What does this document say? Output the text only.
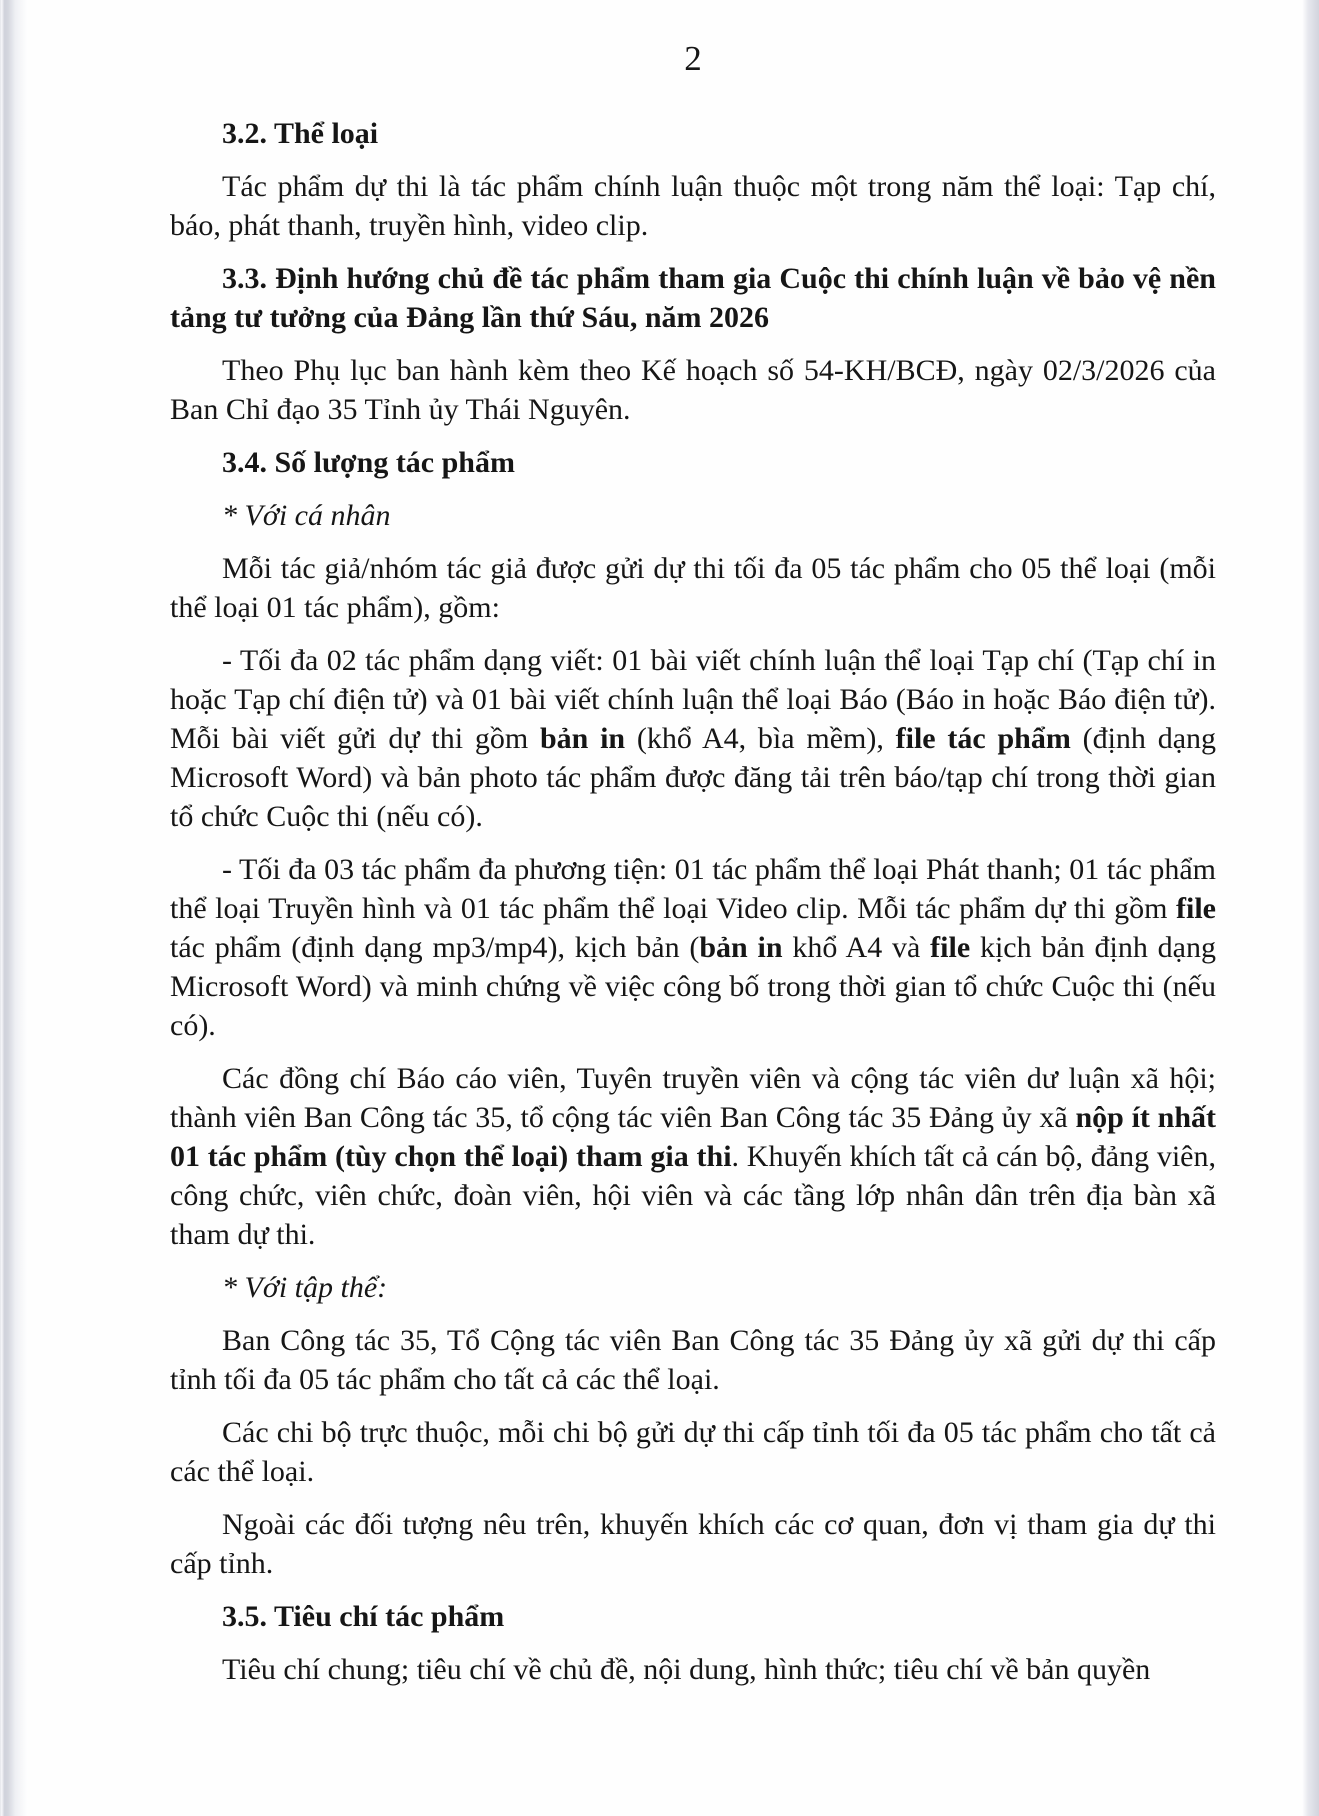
2

3.2. Thể loại

Tác phẩm dự thi là tác phẩm chính luận thuộc một trong năm thể loại: Tạp chí, báo, phát thanh, truyền hình, video clip.

3.3. Định hướng chủ đề tác phẩm tham gia Cuộc thi chính luận về bảo vệ nền tảng tư tưởng của Đảng lần thứ Sáu, năm 2026

Theo Phụ lục ban hành kèm theo Kế hoạch số 54-KH/BCĐ, ngày 02/3/2026 của Ban Chỉ đạo 35 Tỉnh ủy Thái Nguyên.

3.4. Số lượng tác phẩm

* Với cá nhân

Mỗi tác giả/nhóm tác giả được gửi dự thi tối đa 05 tác phẩm cho 05 thể loại (mỗi thể loại 01 tác phẩm), gồm:

- Tối đa 02 tác phẩm dạng viết: 01 bài viết chính luận thể loại Tạp chí (Tạp chí in hoặc Tạp chí điện tử) và 01 bài viết chính luận thể loại Báo (Báo in hoặc Báo điện tử). Mỗi bài viết gửi dự thi gồm bản in (khổ A4, bìa mềm), file tác phẩm (định dạng Microsoft Word) và bản photo tác phẩm được đăng tải trên báo/tạp chí trong thời gian tổ chức Cuộc thi (nếu có).

- Tối đa 03 tác phẩm đa phương tiện: 01 tác phẩm thể loại Phát thanh; 01 tác phẩm thể loại Truyền hình và 01 tác phẩm thể loại Video clip. Mỗi tác phẩm dự thi gồm file tác phẩm (định dạng mp3/mp4), kịch bản (bản in khổ A4 và file kịch bản định dạng Microsoft Word) và minh chứng về việc công bố trong thời gian tổ chức Cuộc thi (nếu có).

Các đồng chí Báo cáo viên, Tuyên truyền viên và cộng tác viên dư luận xã hội; thành viên Ban Công tác 35, tổ cộng tác viên Ban Công tác 35 Đảng ủy xã nộp ít nhất 01 tác phẩm (tùy chọn thể loại) tham gia thi. Khuyến khích tất cả cán bộ, đảng viên, công chức, viên chức, đoàn viên, hội viên và các tầng lớp nhân dân trên địa bàn xã tham dự thi.

* Với tập thể:

Ban Công tác 35, Tổ Cộng tác viên Ban Công tác 35 Đảng ủy xã gửi dự thi cấp tỉnh tối đa 05 tác phẩm cho tất cả các thể loại.

Các chi bộ trực thuộc, mỗi chi bộ gửi dự thi cấp tỉnh tối đa 05 tác phẩm cho tất cả các thể loại.

Ngoài các đối tượng nêu trên, khuyến khích các cơ quan, đơn vị tham gia dự thi cấp tỉnh.

3.5. Tiêu chí tác phẩm

Tiêu chí chung; tiêu chí về chủ đề, nội dung, hình thức; tiêu chí về bản quyền
